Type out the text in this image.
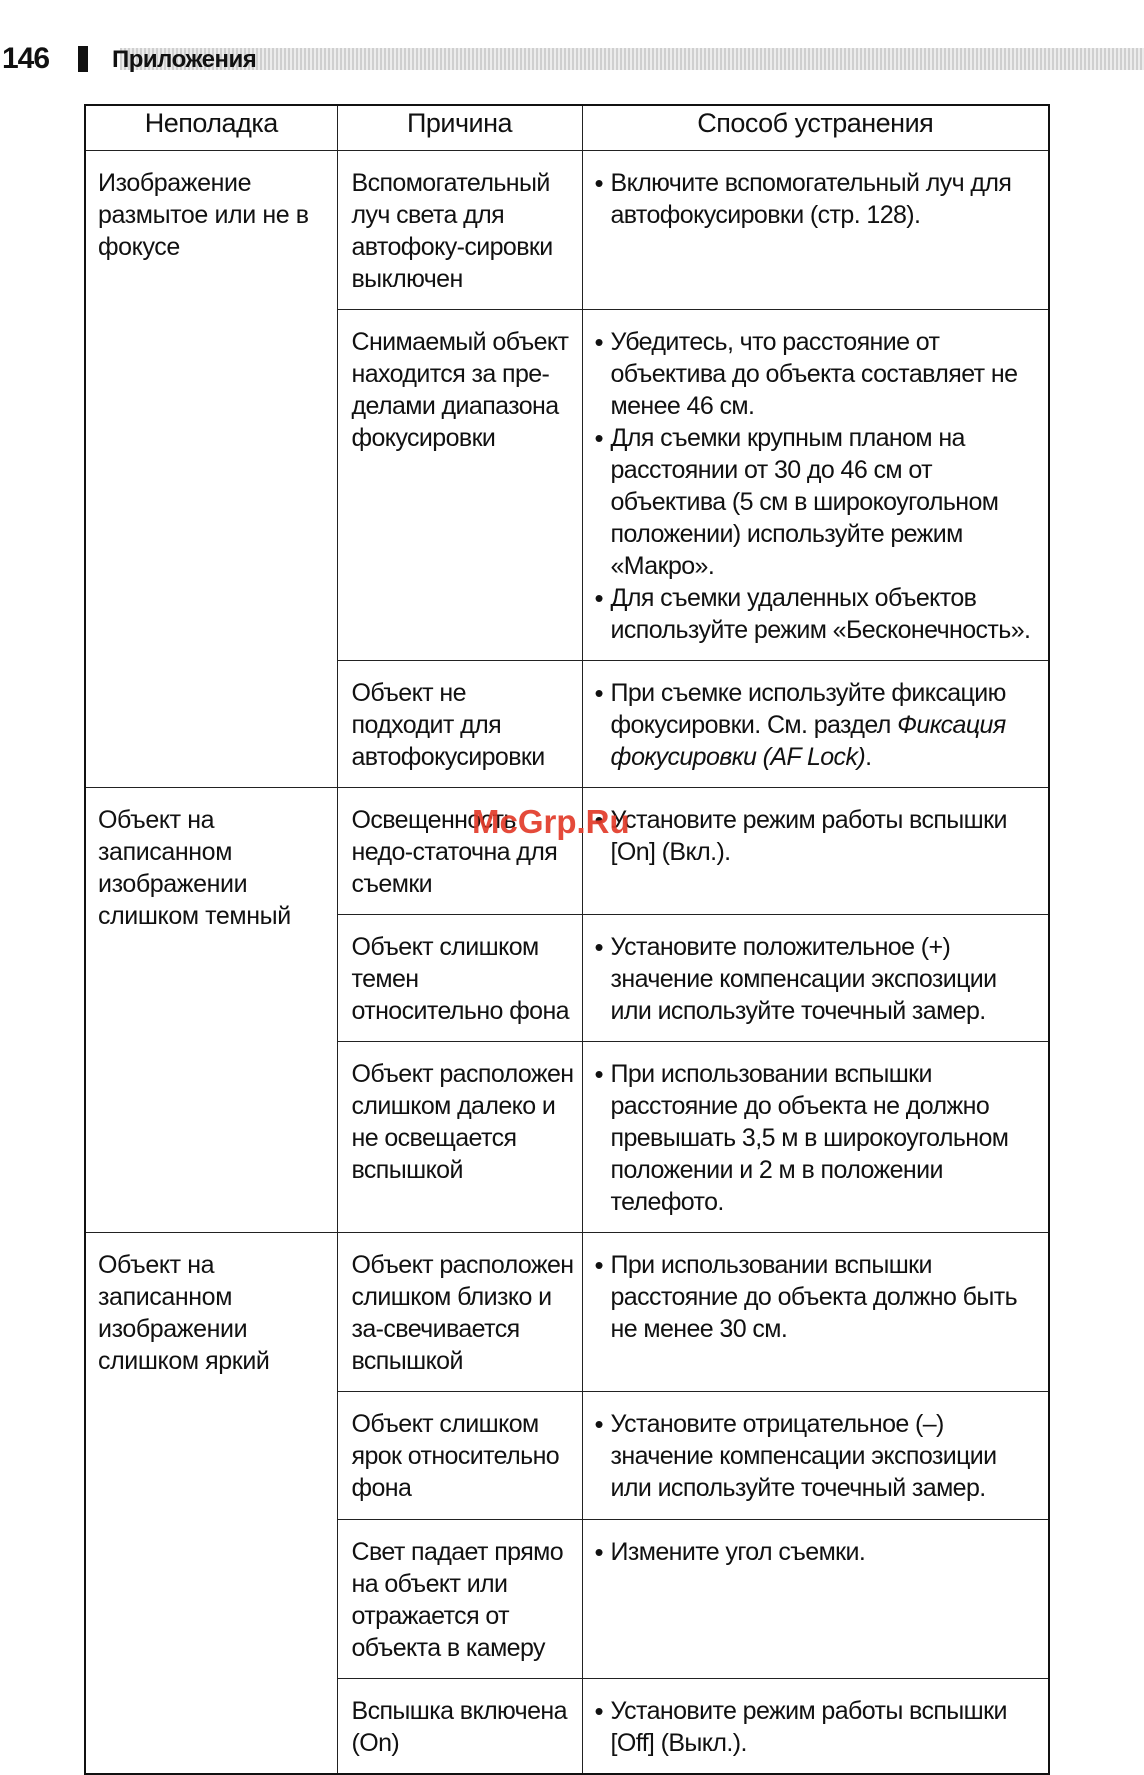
146	Приложения
Неполадка	Причина	Способ устранения
Изображение размытое или не в фокусе	Вспомогательный луч света для автофоку-сировки выключен	• Включите вспомогательный луч для автофокусировки (стр. 128).

	Снимаемый объект находится за пре-делами диапазона фокусировки	• Убедитесь, что расстояние от объектива до объекта составляет не менее 46 см.
• Для съемки крупным планом на расстоянии от 30 до 46 см от объектива (5 см в широкоугольном положении) используйте режим «Макро».
• Для съемки удаленных объектов используйте режим «Бесконечность».

	Объект не подходит для автофокусировки	• При съемке используйте фиксацию фокусировки. См. раздел Фиксация фокусировки (AF Lock).

Объект на записанном изображении слишком темный	Освещенность недо-статочна для съемки	• Установите режим работы вспышки [On] (Вкл.).

	Объект слишком темен относительно фона	• Установите положительное (+) значение компенсации экспозиции или используйте точечный замер.

	Объект расположен слишком далеко и не освещается вспышкой	• При использовании вспышки расстояние до объекта не должно превышать 3,5 м в широкоугольном положении и 2 м в положении телефото.

Объект на записанном изображении слишком яркий	Объект расположен слишком близко и за-свечивается вспышкой	• При использовании вспышки расстояние до объекта должно быть не менее 30 см.

	Объект слишком ярок относительно фона	• Установите отрицательное (–) значение компенсации экспозиции или используйте точечный замер.

	Свет падает прямо на объект или отражается от объекта в камеру	• Измените угол съемки.

	Вспышка включена (On)	• Установите режим работы вспышки [Off] (Выкл.).
McGrp.Ru
